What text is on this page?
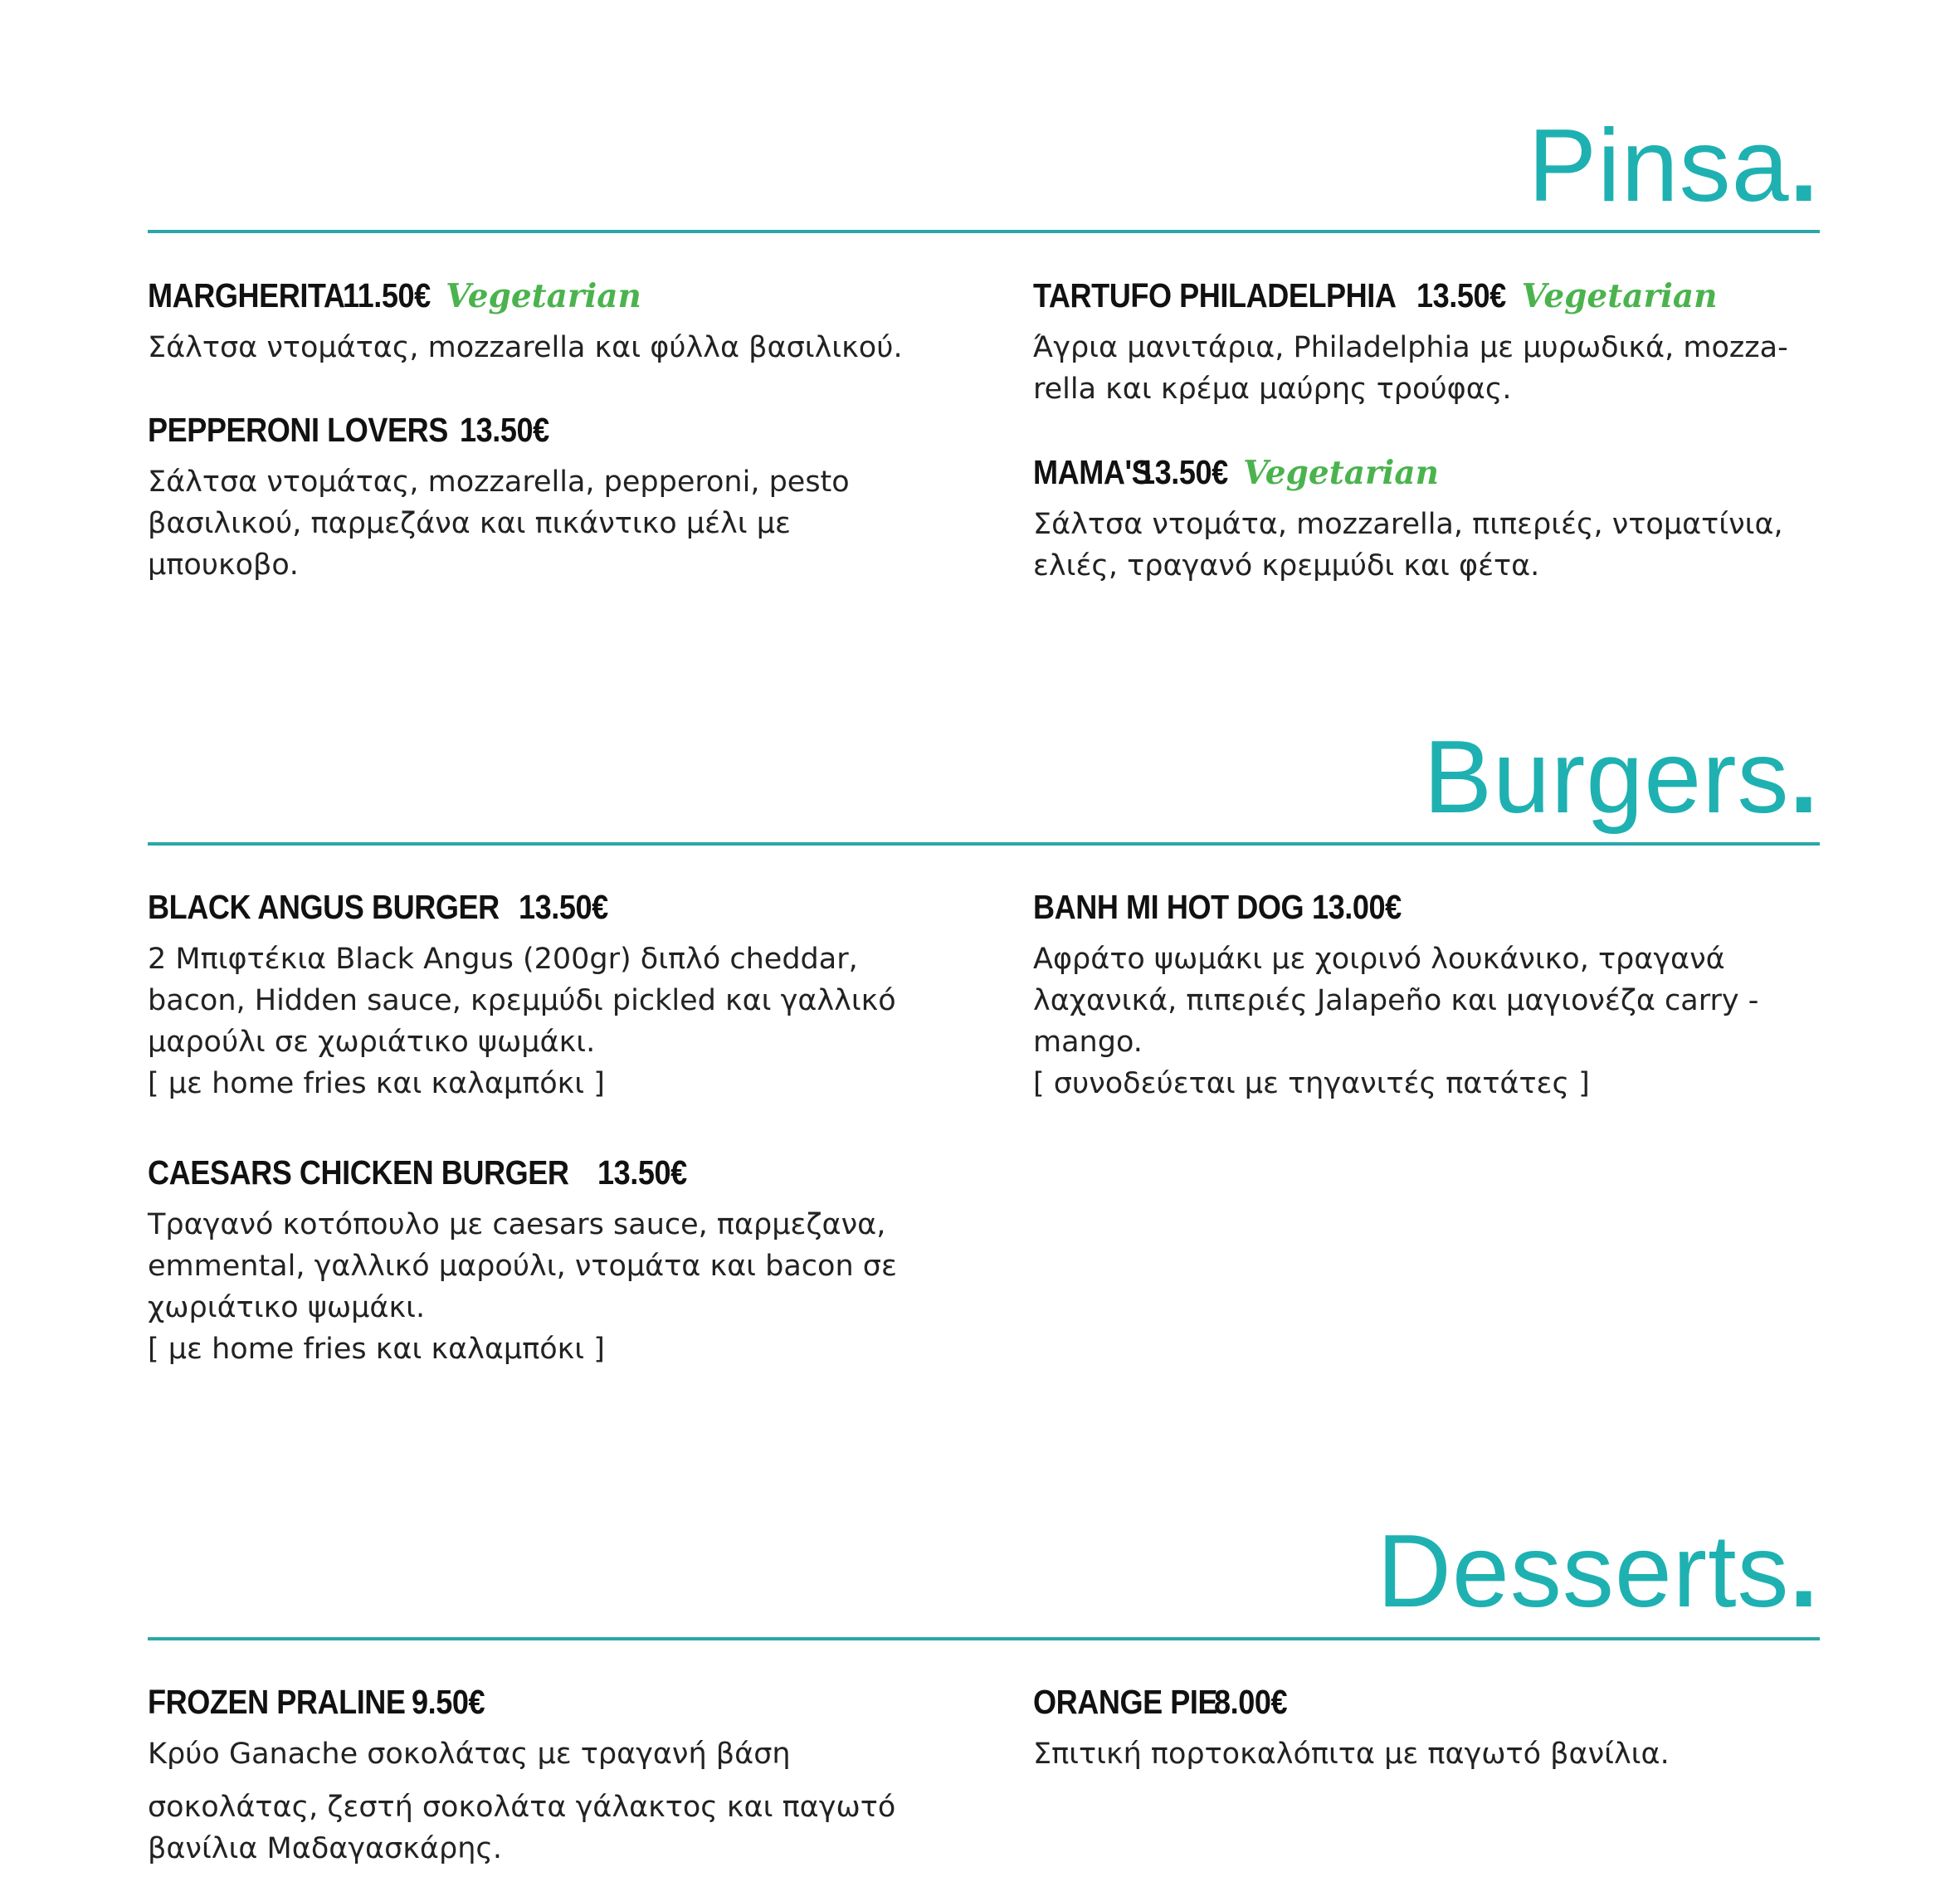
Pinsa.
MARGHERITA 11.50€ Vegetarian

Σάλτσα ντομάτας, mozzarella και φύλλα βασιλικού.

PEPPERONI LOVERS 13.50€

Σάλτσα ντομάτας, mozzarella, pepperoni, pesto βασιλικού, παρμεζάνα και πικάντικο μέλι με μπουκοβο.

TARTUFO PHILADELPHIA 13.50€ Vegetarian

Άγρια μανιτάρια, Philadelphia με μυρωδικά, mozza-rella και κρέμα μαύρης τρούφας.

MAMA'S 13.50€ Vegetarian

Σάλτσα ντομάτα, mozzarella, πιπεριές, ντοματίνια, ελιές, τραγανό κρεμμύδι και φέτα.

Burgers.
BLACK ANGUS BURGER 13.50€

2 Μπιφτέκια Black Angus (200gr) διπλό cheddar, bacon, Hidden sauce, κρεμμύδι pickled και γαλλικό μαρούλι σε χωριάτικο ψωμάκι.

[ με home fries και καλαμπόκι ]

CAESARS CHICKEN BURGER 13.50€

Τραγανό κοτόπουλο με caesars sauce, παρμεζανα, emmental, γαλλικό μαρούλι, ντομάτα και bacon σε χωριάτικο ψωμάκι.

[ με home fries και καλαμπόκι ]

BANH MI HOT DOG 13.00€

Αφράτο ψωμάκι με χοιρινό λουκάνικο, τραγανά λαχανικά, πιπεριές Jalapeño και μαγιονέζα carry - mango.

[ συνοδεύεται με τηγανιτές πατάτες ]

Desserts.
FROZEN PRALINE 9.50€

Κρύο Ganache σοκολάτας με τραγανή βάση

σοκολάτας, ζεστή σοκολάτα γάλακτος και παγωτό βανίλια Μαδαγασκάρης.

ORANGE PIE 8.00€

Σπιτική πορτοκαλόπιτα με παγωτό βανίλια.
